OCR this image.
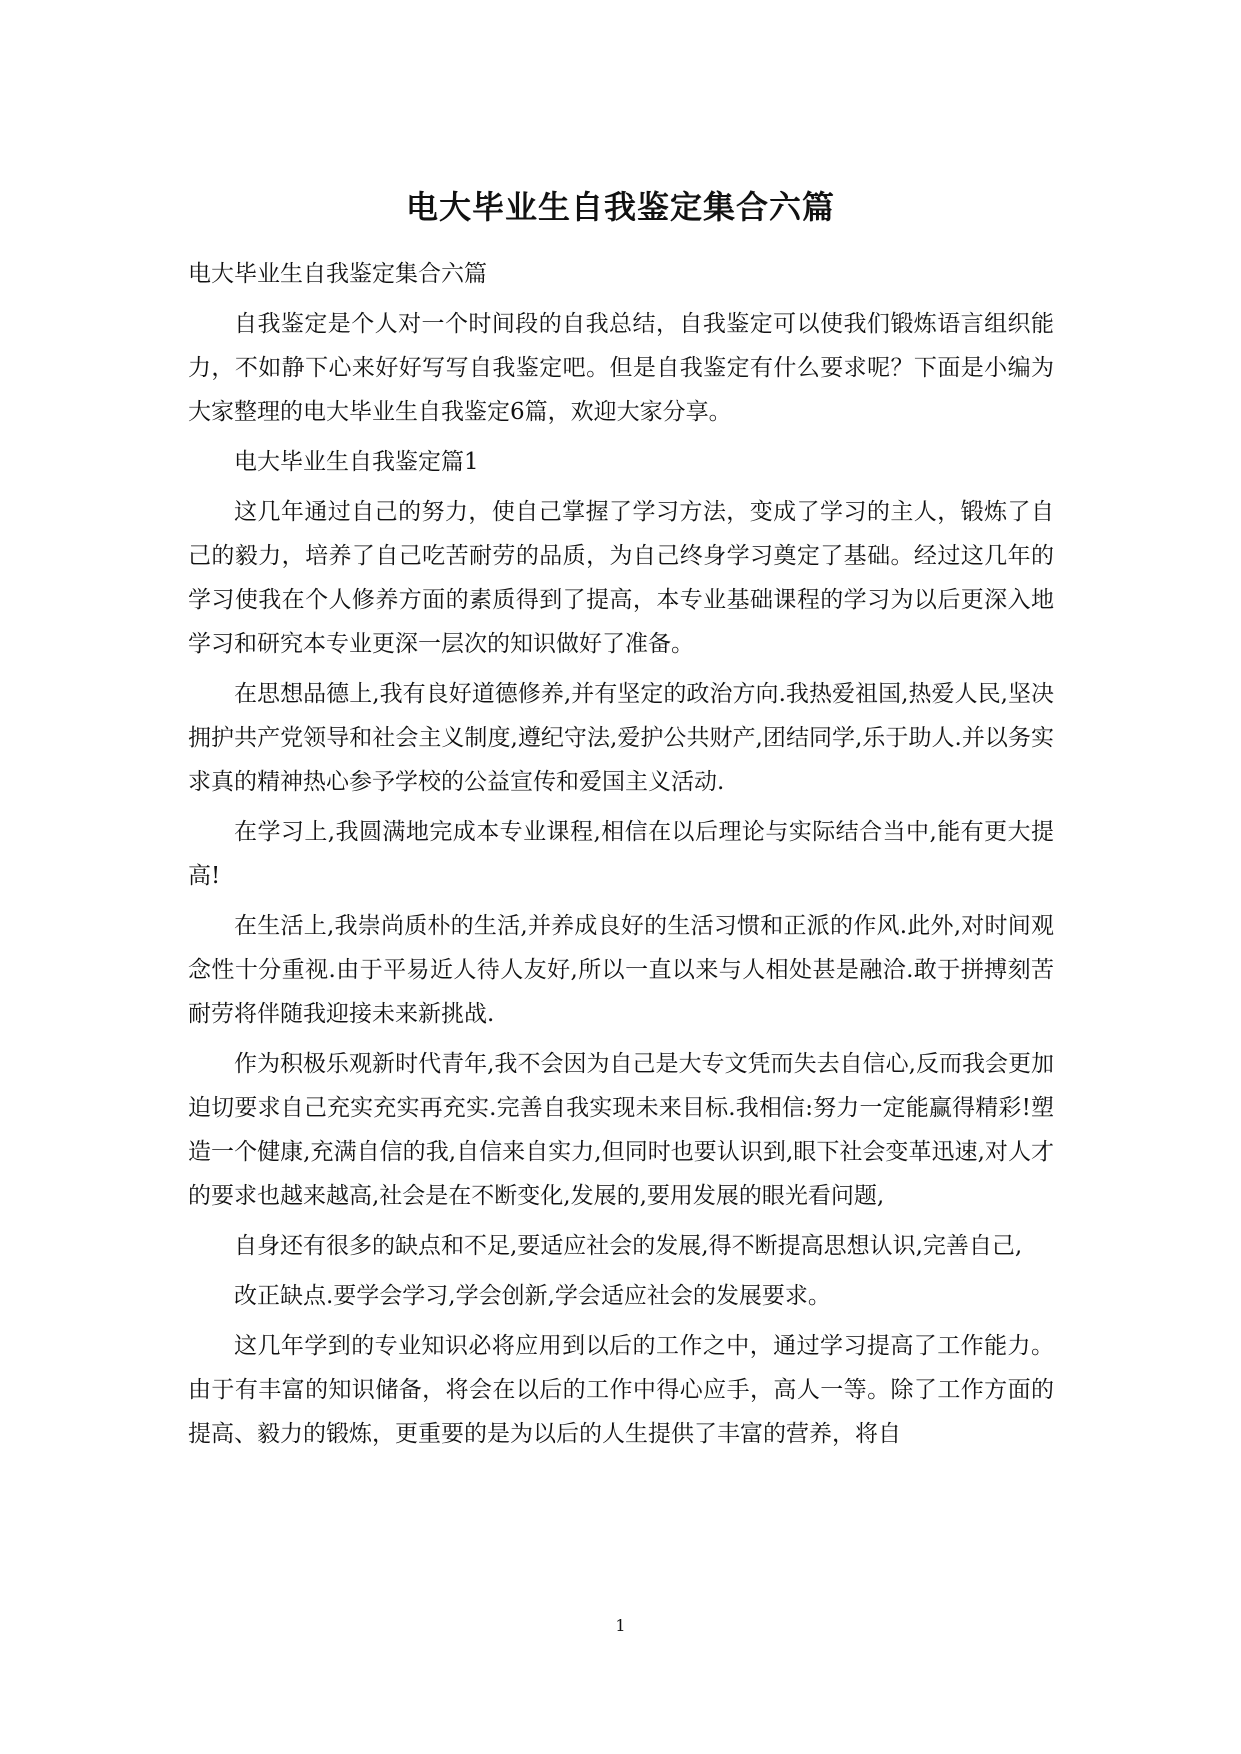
电大毕业生自我鉴定集合六篇

电大毕业生自我鉴定集合六篇

自我鉴定是个人对一个时间段的自我总结，自我鉴定可以使我们锻炼语言组织能力，不如静下心来好好写写自我鉴定吧。但是自我鉴定有什么要求呢？下面是小编为大家整理的电大毕业生自我鉴定6篇，欢迎大家分享。

电大毕业生自我鉴定篇1

这几年通过自己的努力，使自己掌握了学习方法，变成了学习的主人，锻炼了自己的毅力，培养了自己吃苦耐劳的品质，为自己终身学习奠定了基础。经过这几年的学习使我在个人修养方面的素质得到了提高，本专业基础课程的学习为以后更深入地学习和研究本专业更深一层次的知识做好了准备。

在思想品德上,我有良好道德修养,并有坚定的政治方向.我热爱祖国,热爱人民,坚决拥护共产党领导和社会主义制度,遵纪守法,爱护公共财产,团结同学,乐于助人.并以务实求真的精神热心参予学校的公益宣传和爱国主义活动.

在学习上,我圆满地完成本专业课程,相信在以后理论与实际结合当中,能有更大提高!

在生活上,我崇尚质朴的生活,并养成良好的生活习惯和正派的作风.此外,对时间观念性十分重视.由于平易近人待人友好,所以一直以来与人相处甚是融洽.敢于拼搏刻苦耐劳将伴随我迎接未来新挑战.

作为积极乐观新时代青年,我不会因为自己是大专文凭而失去自信心,反而我会更加迫切要求自己充实充实再充实.完善自我实现未来目标.我相信:努力一定能赢得精彩!塑造一个健康,充满自信的我,自信来自实力,但同时也要认识到,眼下社会变革迅速,对人才的要求也越来越高,社会是在不断变化,发展的,要用发展的眼光看问题,

自身还有很多的缺点和不足,要适应社会的发展,得不断提高思想认识,完善自己,

改正缺点.要学会学习,学会创新,学会适应社会的发展要求。

这几年学到的专业知识必将应用到以后的工作之中，通过学习提高了工作能力。由于有丰富的知识储备，将会在以后的工作中得心应手，高人一等。除了工作方面的提高、毅力的锻炼，更重要的是为以后的人生提供了丰富的营养，将自

1
